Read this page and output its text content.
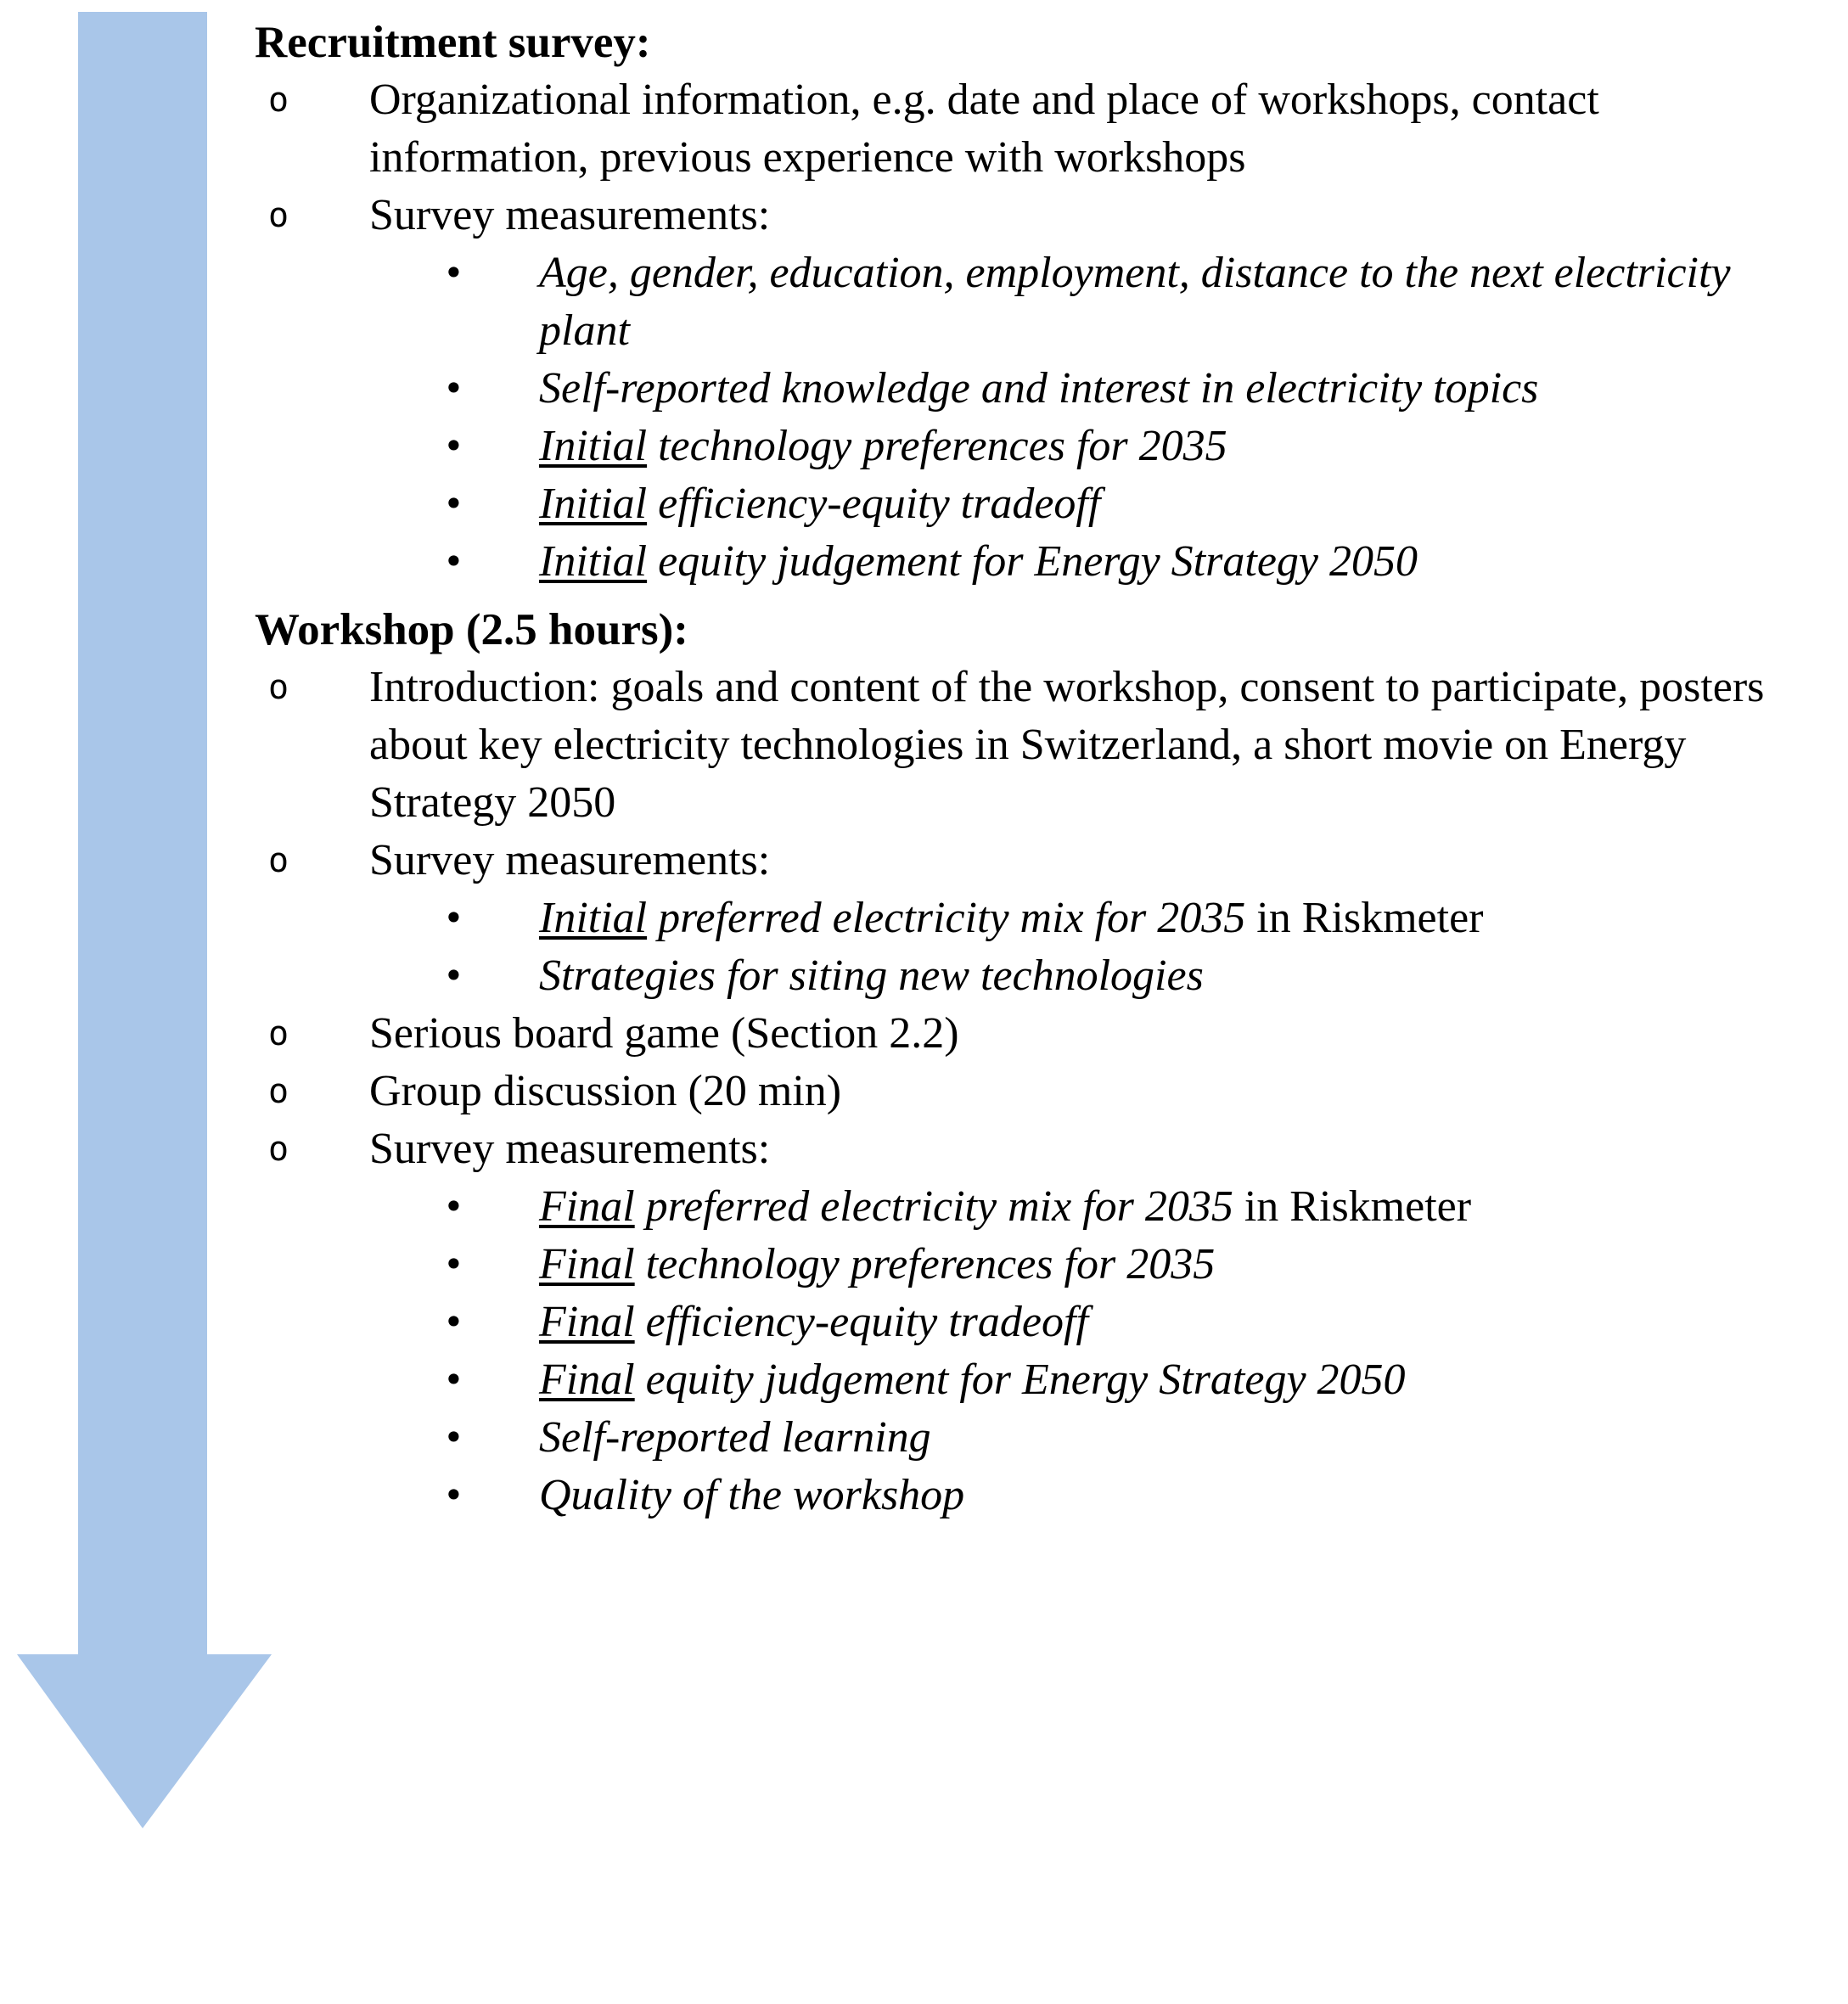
Recruitment survey:
o Organizational information, e.g. date and place of workshops, contact information, previous experience with workshops
o Survey measurements:
• Age, gender, education, employment, distance to the next electricity plant
• Self-reported knowledge and interest in electricity topics
• Initial technology preferences for 2035
• Initial efficiency-equity tradeoff
• Initial equity judgement for Energy Strategy 2050
Workshop (2.5 hours):
o Introduction: goals and content of the workshop, consent to participate, posters about key electricity technologies in Switzerland, a short movie on Energy Strategy 2050
o Survey measurements:
• Initial preferred electricity mix for 2035 in Riskmeter
• Strategies for siting new technologies
o Serious board game (Section 2.2)
o Group discussion (20 min)
o Survey measurements:
• Final preferred electricity mix for 2035 in Riskmeter
• Final technology preferences for 2035
• Final efficiency-equity tradeoff
• Final equity judgement for Energy Strategy 2050
• Self-reported learning
• Quality of the workshop
